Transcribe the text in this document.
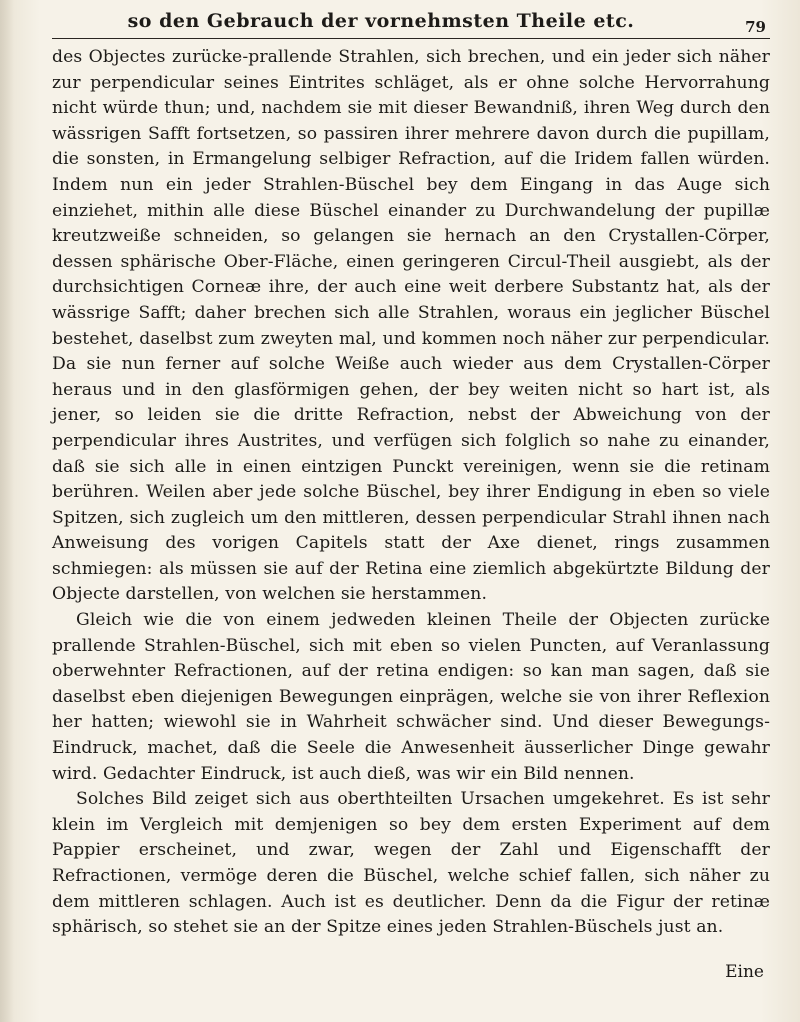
so den Gebrauch der vornehmsten Theile etc.	79

des Objectes zurücke-prallende Strahlen, sich brechen, und ein jeder sich näher zur perpendicular seines Eintrites schläget, als er ohne solche Hervorrahung nicht würde thun; und, nachdem sie mit dieser Bewandniß, ihren Weg durch den wässrigen Safft fortsetzen, so passiren ihrer mehrere davon durch die pupillam, die sonsten, in Ermangelung selbiger Refraction, auf die Iridem fallen würden. Indem nun ein jeder Strahlen-Büschel bey dem Eingang in das Auge sich einziehet, mithin alle diese Büschel einander zu Durchwandelung der pupillæ kreutzweiße schneiden, so gelangen sie hernach an den Crystallen-Cörper, dessen sphärische Ober-Fläche, einen geringeren Circul-Theil ausgiebt, als der durchsichtigen Corneæ ihre, der auch eine weit derbere Substantz hat, als der wässrige Safft; daher brechen sich alle Strahlen, woraus ein jeglicher Büschel bestehet, daselbst zum zweyten mal, und kommen noch näher zur perpendicular. Da sie nun ferner auf solche Weiße auch wieder aus dem Crystallen-Cörper heraus und in den glasförmigen gehen, der bey weiten nicht so hart ist, als jener, so leiden sie die dritte Refraction, nebst der Abweichung von der perpendicular ihres Austrites, und verfügen sich folglich so nahe zu einander, daß sie sich alle in einen eintzigen Punckt vereinigen, wenn sie die retinam berühren. Weilen aber jede solche Büschel, bey ihrer Endigung in eben so viele Spitzen, sich zugleich um den mittleren, dessen perpendicular Strahl ihnen nach Anweisung des vorigen Capitels statt der Axe dienet, rings zusammen schmiegen: als müssen sie auf der Retina eine ziemlich abgekürtzte Bildung der Objecte darstellen, von welchen sie herstammen.

Gleich wie die von einem jedweden kleinen Theile der Objecten zurücke prallende Strahlen-Büschel, sich mit eben so vielen Puncten, auf Veranlassung oberwehnter Refractionen, auf der retina endigen: so kan man sagen, daß sie daselbst eben diejenigen Bewegungen einprägen, welche sie von ihrer Reflexion her hatten; wiewohl sie in Wahrheit schwächer sind. Und dieser Bewegungs-Eindruck, machet, daß die Seele die Anwesenheit äusserlicher Dinge gewahr wird. Gedachter Eindruck, ist auch dieß, was wir ein Bild nennen.

Solches Bild zeiget sich aus oberthteilten Ursachen umgekehret. Es ist sehr klein im Vergleich mit demjenigen so bey dem ersten Experiment auf dem Pappier erscheinet, und zwar, wegen der Zahl und Eigenschafft der Refractionen, vermöge deren die Büschel, welche schief fallen, sich näher zu dem mittleren schlagen. Auch ist es deutlicher. Denn da die Figur der retinæ sphärisch, so stehet sie an der Spitze eines jeden Strahlen-Büschels just an.

Eine
